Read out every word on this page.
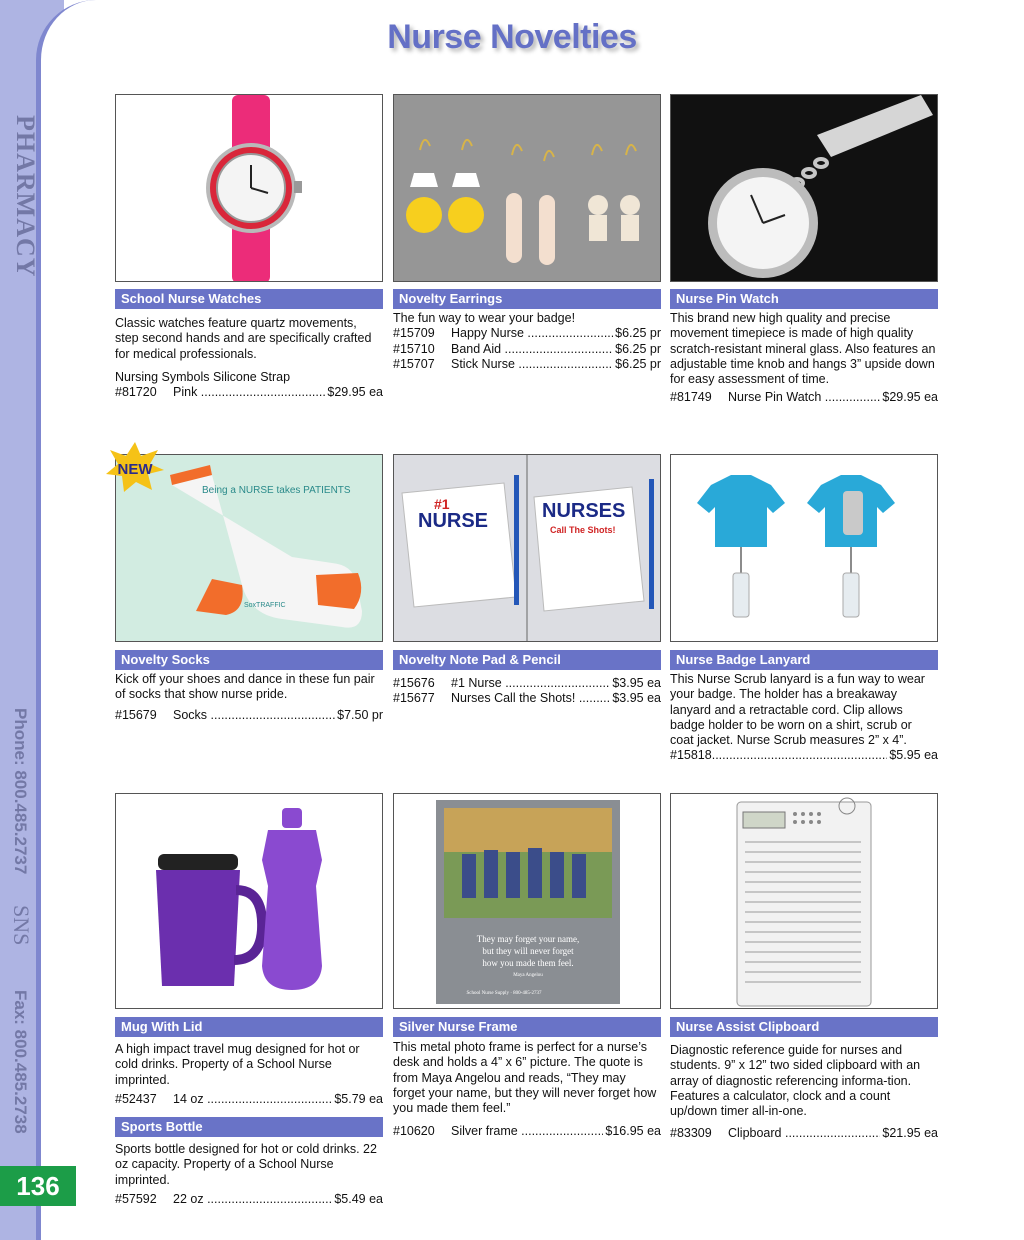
PHARMACY
Phone: 800.485.2737
SNS
Fax: 800.485.2738
136
Nurse Novelties
School Nurse Watches

Classic watches feature quartz movements, step second hands and are specifically crafted for medical professionals.

Nursing Symbols Silicone Strap

#81720	Pink .....	$29.95 ea
Novelty Earrings

The fun way to wear your badge!

#15709	Happy Nurse .....	$6.25 pr
#15710	Band Aid .....	$6.25 pr
#15707	Stick Nurse .....	$6.25 pr
Nurse Pin Watch

This brand new high quality and precise movement timepiece is made of high quality scratch-resistant mineral glass. Also features an adjustable time knob and hangs 3” upside down for easy assessment of time.

#81749	Nurse Pin Watch .....	$29.95 ea
Being a NURSE takes PATIENTS
SoxTRAFFIC
NEW
Novelty Socks

Kick off your shoes and dance in these fun pair of socks that show nurse pride.

#15679	Socks .....	$7.50 pr
#1
NURSE	NURSES
Call The Shots!
Novelty Note Pad & Pencil
#15676	#1 Nurse .....	$3.95 ea
#15677	Nurses Call the Shots! .....	$3.95 ea
Nurse Badge Lanyard

This Nurse Scrub lanyard is a fun way to wear your badge. The holder has a breakaway lanyard and a retractable cord. Clip allows badge holder to be worn on a shirt, scrub or coat jacket. Nurse Scrub measures 2” x 4”.

#15818
.....	$5.95 ea
Mug With Lid

A high impact travel mug designed for hot or cold drinks. Property of a School Nurse imprinted.

#52437	14 oz .....	$5.79 ea
Sports Bottle

Sports bottle designed for hot or cold drinks. 22 oz capacity. Property of a School Nurse imprinted.

#57592	22 oz .....	$5.49 ea
They may forget your name,
but they will never forget
how you made them feel.
Maya Angelou
School Nurse Supply · 800-485-2737
Silver Nurse Frame

This metal photo frame is perfect for a nurse’s desk and holds a 4” x 6” picture. The quote is from Maya Angelou and reads, “They may forget your name, but they will never forget how you made them feel.”

#10620	Silver frame .....	$16.95 ea
Nurse Assist Clipboard

Diagnostic reference guide for nurses and students. 9” x 12” two sided clipboard with an array of diagnostic referencing informa-tion. Features a calculator, clock and a count up/down timer all-in-one.

#83309	Clipboard .....	$21.95 ea
